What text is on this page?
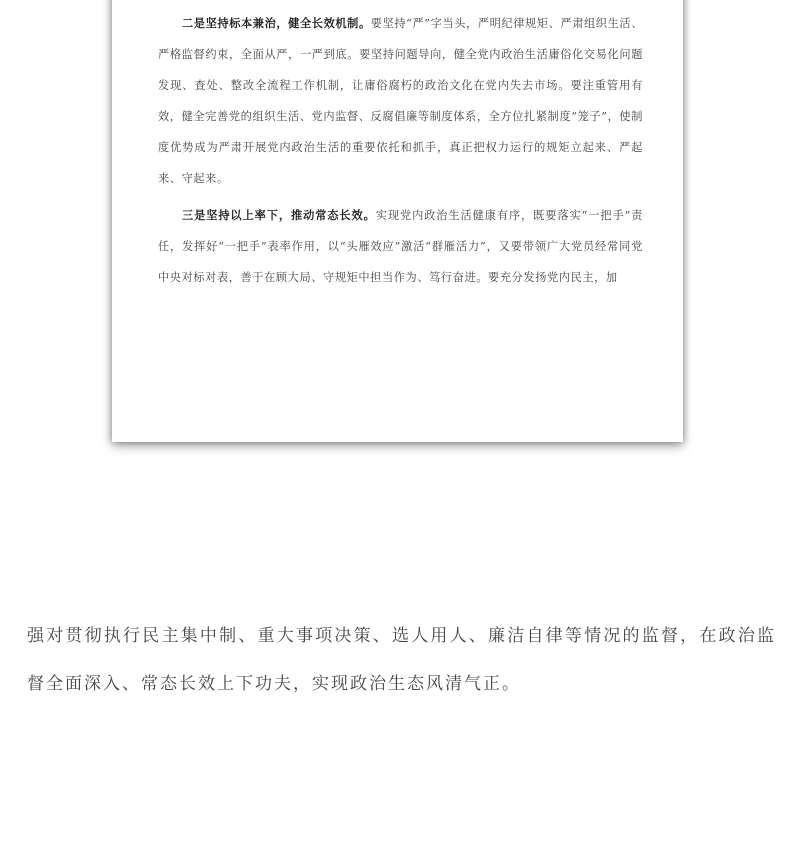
二是坚持标本兼治，健全长效机制。要坚持“严”字当头，严明纪律规矩、严肃组织生活、严格监督约束，全面从严，一严到底。要坚持问题导向，健全党内政治生活庸俗化交易化问题发现、查处、整改全流程工作机制，让庸俗腐朽的政治文化在党内失去市场。要注重管用有效，健全完善党的组织生活、党内监督、反腐倡廉等制度体系，全方位扎紧制度“笼子”，使制度优势成为严肃开展党内政治生活的重要依托和抓手，真正把权力运行的规矩立起来、严起来、守起来。

三是坚持以上率下，推动常态长效。实现党内政治生活健康有序，既要落实“一把手”责任，发挥好“一把手”表率作用，以“头雁效应”激活“群雁活力”，又要带领广大党员经常同党中央对标对表，善于在顾大局、守规矩中担当作为、笃行奋进。要充分发扬党内民主，加

强对贯彻执行民主集中制、重大事项决策、选人用人、廉洁自律等情况的监督，在政治监督全面深入、常态长效上下功夫，实现政治生态风清气正。
